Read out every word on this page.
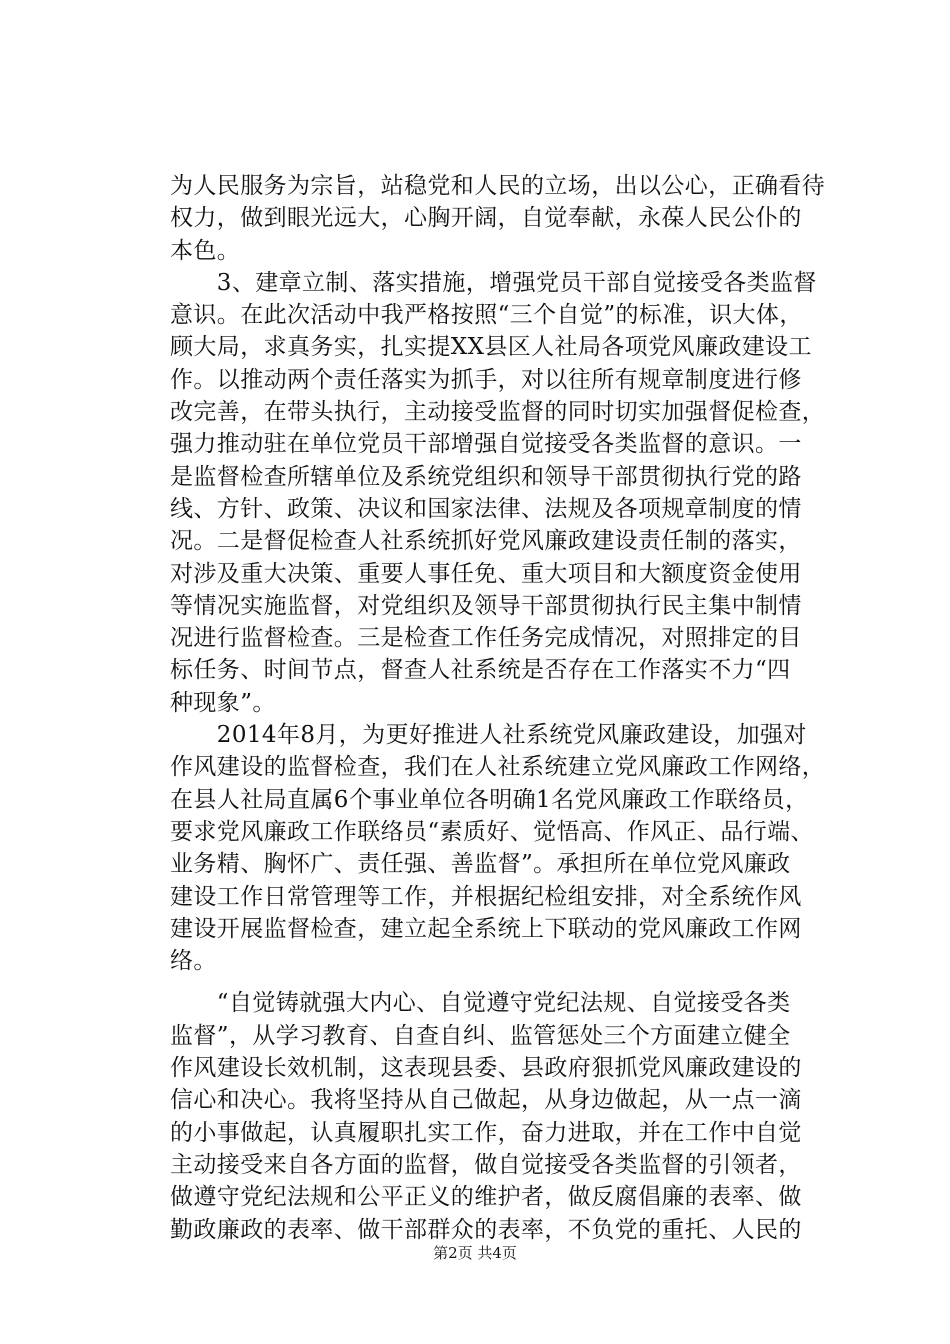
为人民服务为宗旨，站稳党和人民的立场，出以公心，正确看待
权力，做到眼光远大，心胸开阔，自觉奉献，永葆人民公仆的
本色。
　　3、建章立制、落实措施，增强党员干部自觉接受各类监督
意识。在此次活动中我严格按照“三个自觉”的标准，识大体，
顾大局，求真务实，扎实提XX县区人社局各项党风廉政建设工
作。以推动两个责任落实为抓手，对以往所有规章制度进行修
改完善，在带头执行，主动接受监督的同时切实加强督促检查，
强力推动驻在单位党员干部增强自觉接受各类监督的意识。一
是监督检查所辖单位及系统党组织和领导干部贯彻执行党的路
线、方针、政策、决议和国家法律、法规及各项规章制度的情
况。二是督促检查人社系统抓好党风廉政建设责任制的落实，
对涉及重大决策、重要人事任免、重大项目和大额度资金使用
等情况实施监督，对党组织及领导干部贯彻执行民主集中制情
况进行监督检查。三是检查工作任务完成情况，对照排定的目
标任务、时间节点，督查人社系统是否存在工作落实不力“四
种现象”。
　　2014年8月，为更好推进人社系统党风廉政建设，加强对
作风建设的监督检查，我们在人社系统建立党风廉政工作网络，
在县人社局直属6个事业单位各明确1名党风廉政工作联络员，
要求党风廉政工作联络员“素质好、觉悟高、作风正、品行端、
业务精、胸怀广、责任强、善监督”。承担所在单位党风廉政
建设工作日常管理等工作，并根据纪检组安排，对全系统作风
建设开展监督检查，建立起全系统上下联动的党风廉政工作网
络。
　　“自觉铸就强大内心、自觉遵守党纪法规、自觉接受各类
监督”，从学习教育、自查自纠、监管惩处三个方面建立健全
作风建设长效机制，这表现县委、县政府狠抓党风廉政建设的
信心和决心。我将坚持从自己做起，从身边做起，从一点一滴
的小事做起，认真履职扎实工作，奋力进取，并在工作中自觉
主动接受来自各方面的监督，做自觉接受各类监督的引领者，
做遵守党纪法规和公平正义的维护者，做反腐倡廉的表率、做
勤政廉政的表率、做干部群众的表率，不负党的重托、人民的
第2页 共4页
